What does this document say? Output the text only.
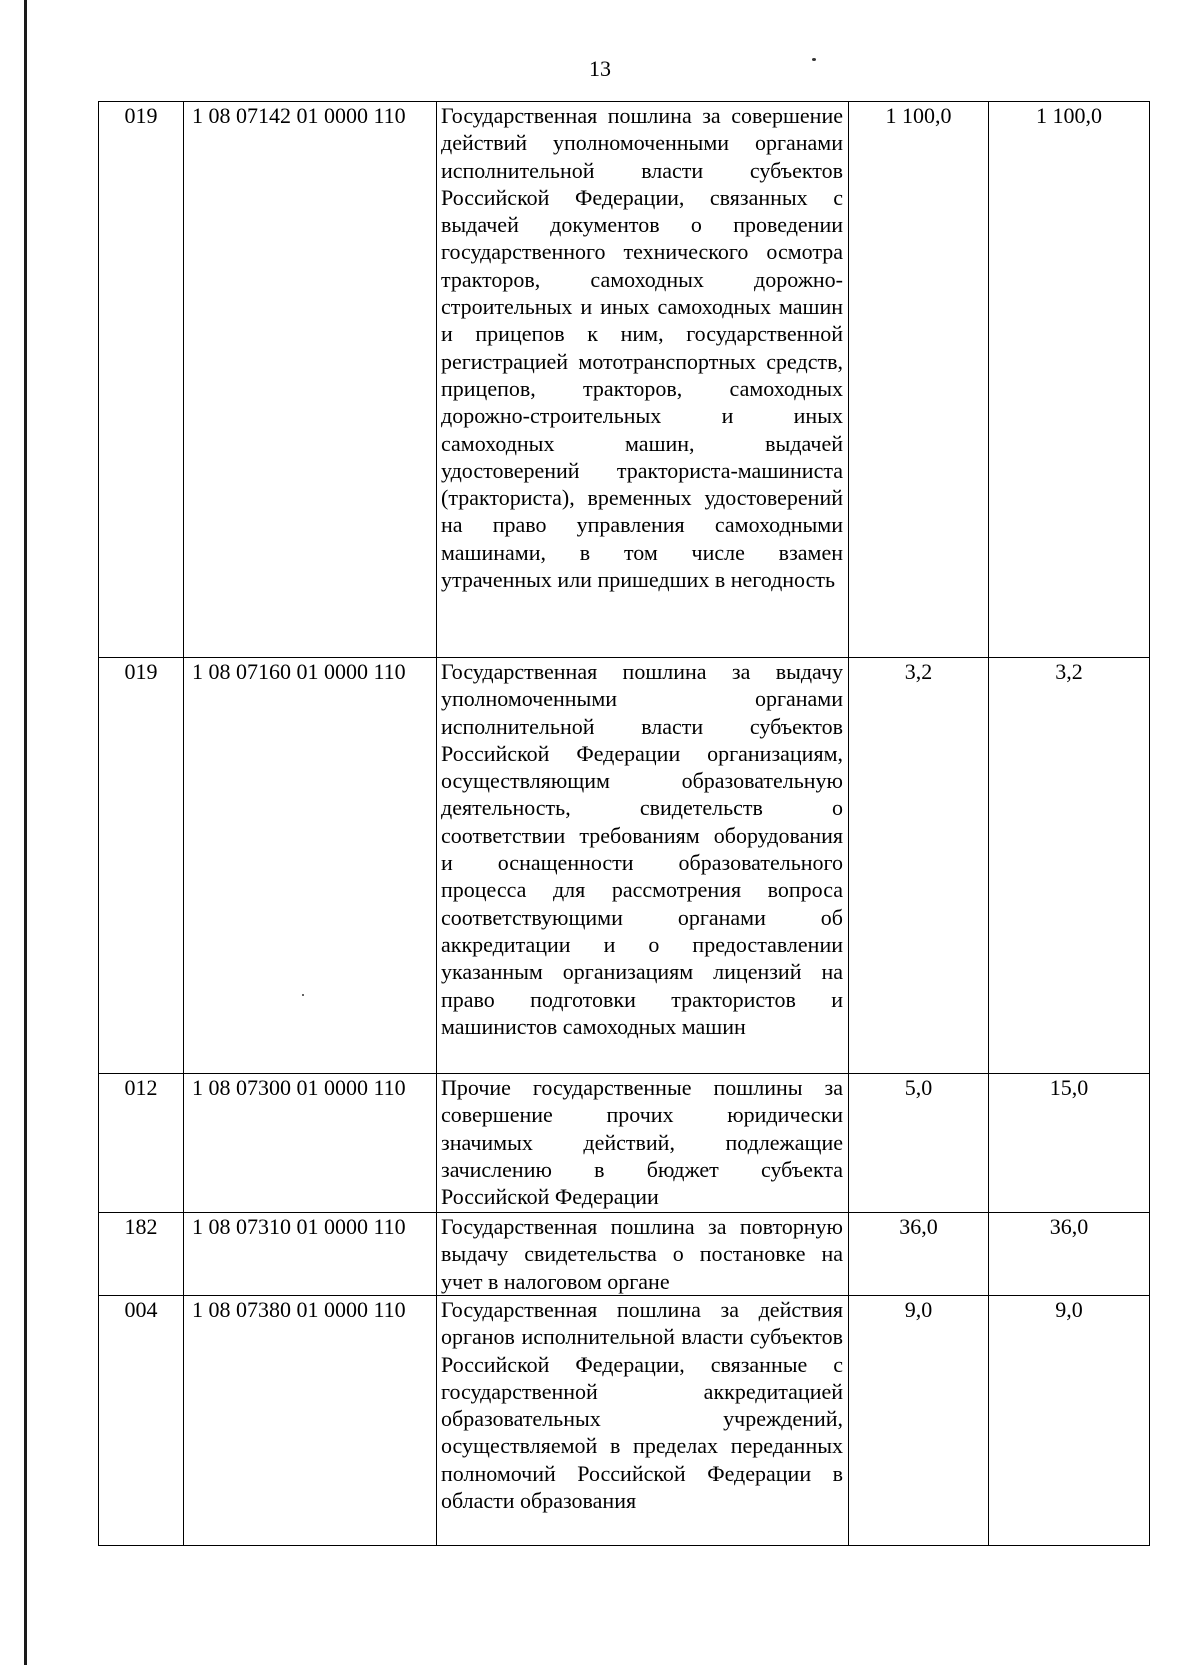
13
019	1 08 07142 01 0000 110	Государственная пошлина за совершение действий уполномоченными органами исполнительной власти субъектов Российской Федерации, связанных с выдачей документов о проведении государственного технического осмотра тракторов, самоходных дорожно-строительных и иных самоходных машин и прицепов к ним, государственной регистрацией мототранспортных средств, прицепов, тракторов, самоходных дорожно-строительных и иных самоходных машин, выдачей удостоверений тракториста-машиниста (тракториста), временных удостоверений на право управления самоходными машинами, в том числе взамен утраченных или пришедших в негодность	1 100,0	1 100,0
019	1 08 07160 01 0000 110	Государственная пошлина за выдачу уполномоченными органами исполнительной власти субъектов Российской Федерации организациям, осуществляющим образовательную деятельность, свидетельств о соответствии требованиям оборудования и оснащенности образовательного процесса для рассмотрения вопроса соответствующими органами об аккредитации и о предоставлении указанным организациям лицензий на право подготовки трактористов и машинистов самоходных машин	3,2	3,2
012	1 08 07300 01 0000 110	Прочие государственные пошлины за совершение прочих юридически значимых действий, подлежащие зачислению в бюджет субъекта Российской Федерации	5,0	15,0
182	1 08 07310 01 0000 110	Государственная пошлина за повторную выдачу свидетельства о постановке на учет в налоговом органе	36,0	36,0
004	1 08 07380 01 0000 110	Государственная пошлина за действия органов исполнительной власти субъектов Российской Федерации, связанные с государственной аккредитацией образовательных учреждений, осуществляемой в пределах переданных полномочий Российской Федерации в области образования	9,0	9,0
